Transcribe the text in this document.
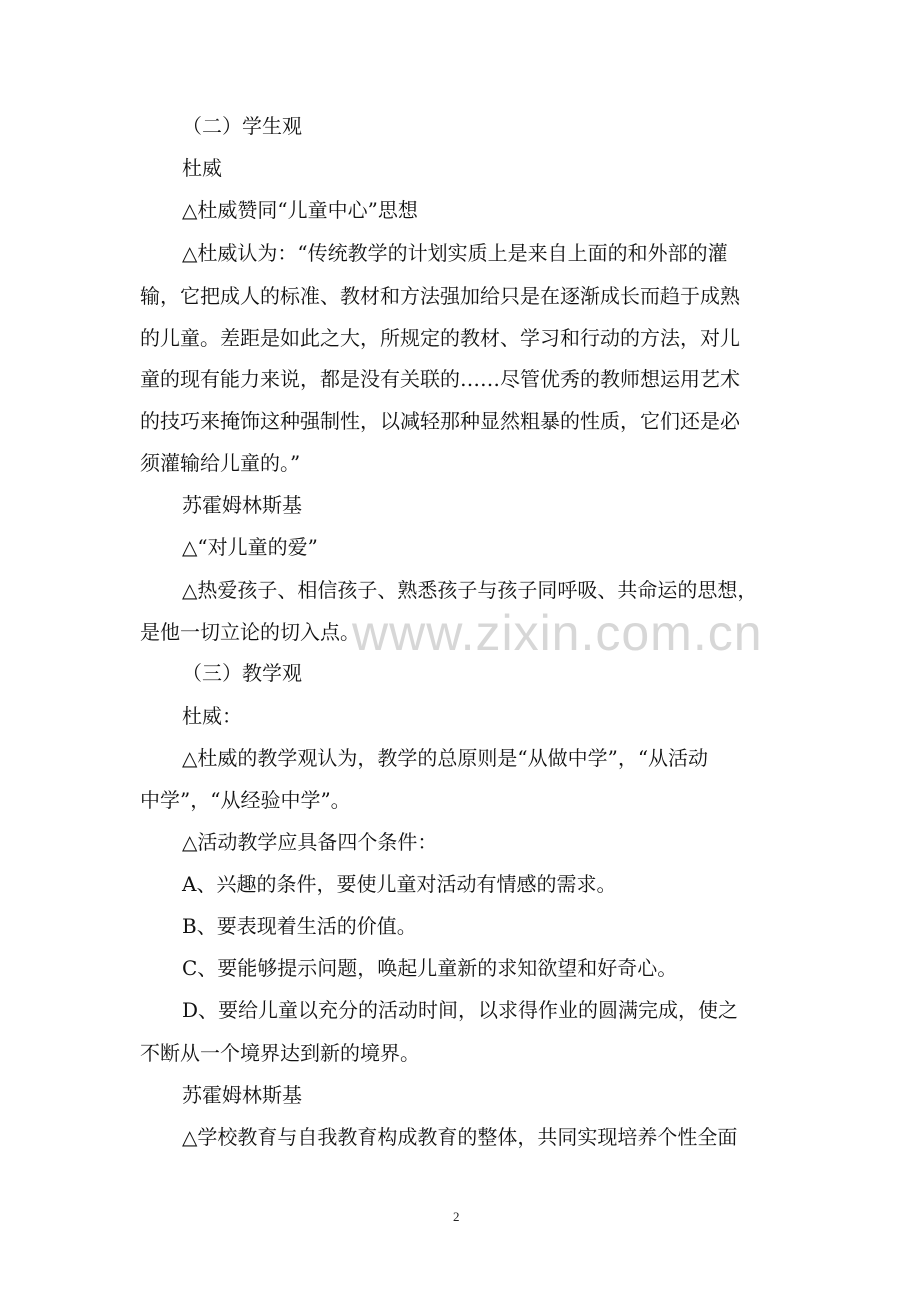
www.zixin.com.cn
（二）学生观
杜威
△杜威赞同“儿童中心”思想
△杜威认为：“传统教学的计划实质上是来自上面的和外部的灌
输，它把成人的标准、教材和方法强加给只是在逐渐成长而趋于成熟
的儿童。差距是如此之大，所规定的教材、学习和行动的方法，对儿
童的现有能力来说，都是没有关联的……尽管优秀的教师想运用艺术
的技巧来掩饰这种强制性，以减轻那种显然粗暴的性质，它们还是必
须灌输给儿童的。”
苏霍姆林斯基
△“对儿童的爱”
△热爱孩子、相信孩子、熟悉孩子与孩子同呼吸、共命运的思想，
是他一切立论的切入点。
（三）教学观
杜威：
△杜威的教学观认为，教学的总原则是“从做中学”，“从活动
中学”，“从经验中学”。
△活动教学应具备四个条件：
A、兴趣的条件，要使儿童对活动有情感的需求。
B、要表现着生活的价值。
C、要能够提示问题，唤起儿童新的求知欲望和好奇心。
D、要给儿童以充分的活动时间，以求得作业的圆满完成，使之
不断从一个境界达到新的境界。
苏霍姆林斯基
△学校教育与自我教育构成教育的整体，共同实现培养个性全面
2
